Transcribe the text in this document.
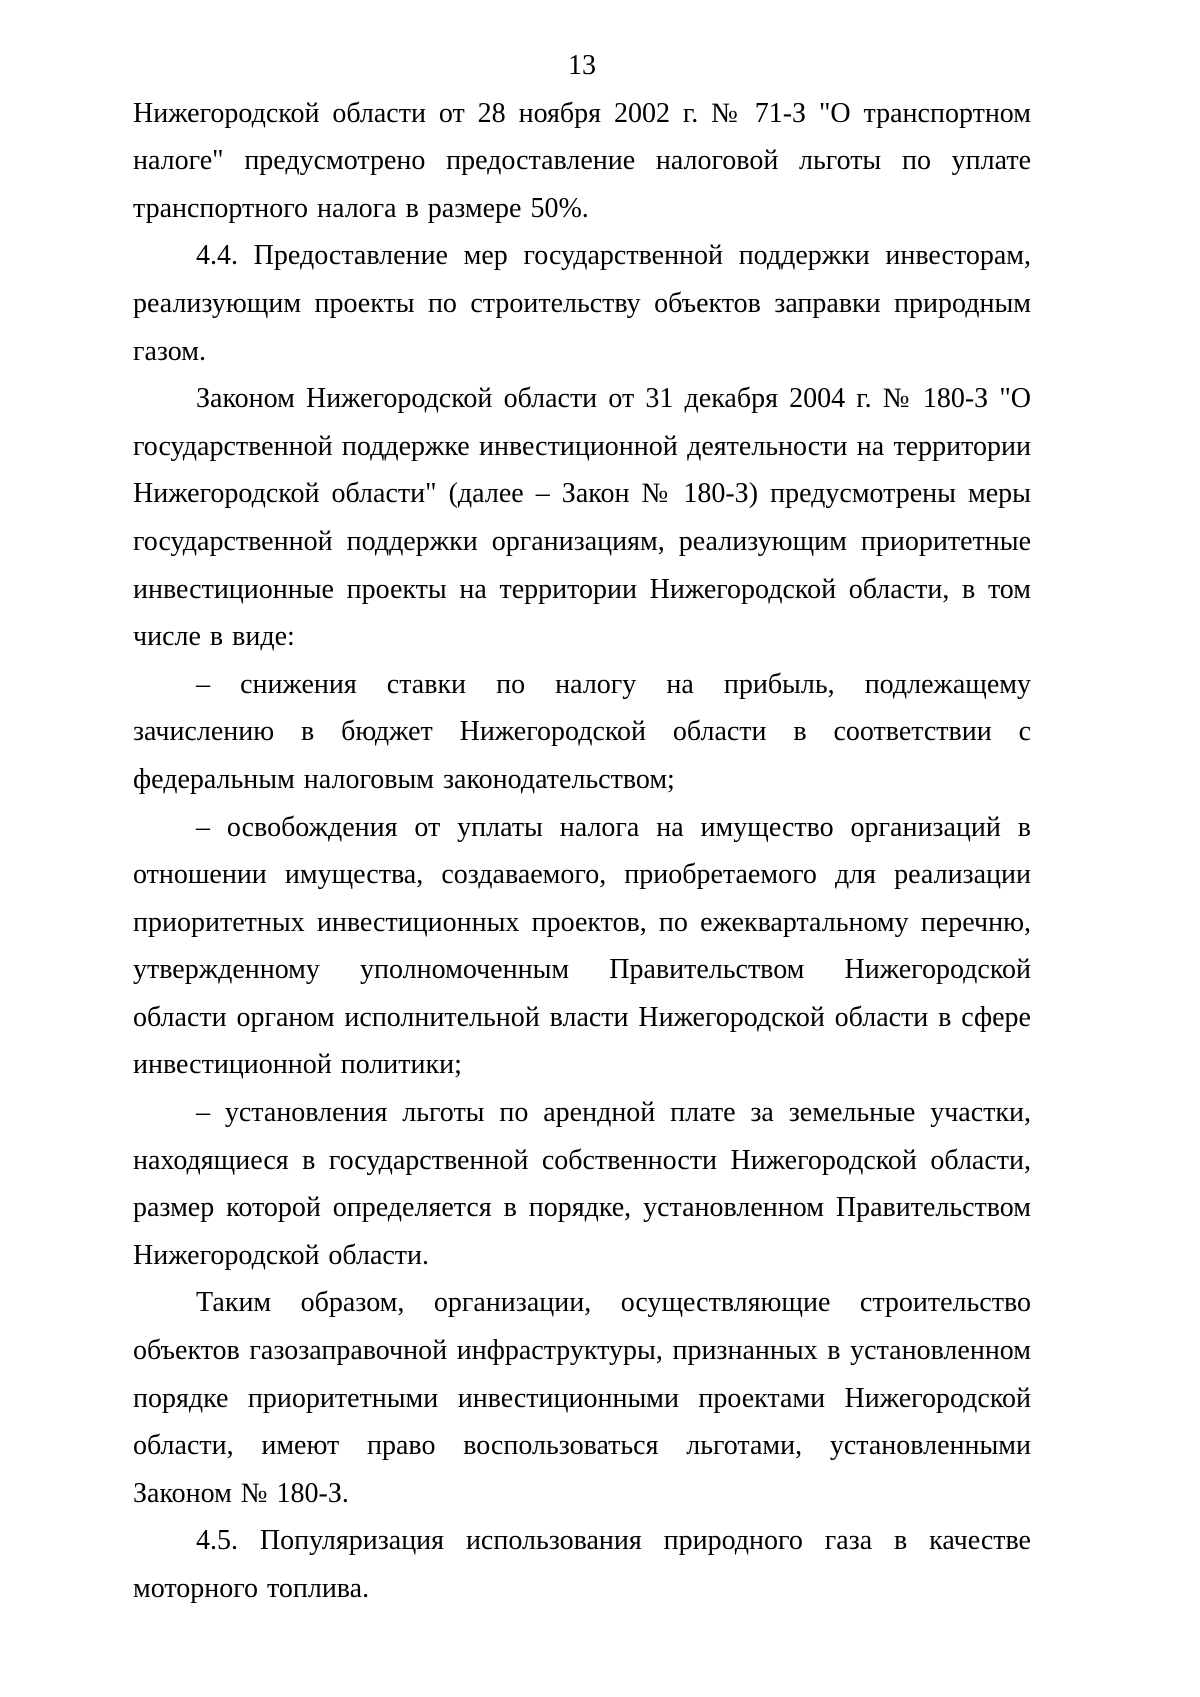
13

Нижегородской области от 28 ноября 2002 г. № 71-З "О транспортном налоге" предусмотрено предоставление налоговой льготы по уплате транспортного налога в размере 50%.

4.4. Предоставление мер государственной поддержки инвесторам, реализующим проекты по строительству объектов заправки природным газом.

Законом Нижегородской области от 31 декабря 2004 г. № 180-З "О государственной поддержке инвестиционной деятельности на территории Нижегородской области" (далее – Закон № 180-З) предусмотрены меры государственной поддержки организациям, реализующим приоритетные инвестиционные проекты на территории Нижегородской области, в том числе в виде:

– снижения ставки по налогу на прибыль, подлежащему зачислению в бюджет Нижегородской области в соответствии с федеральным налоговым законодательством;

– освобождения от уплаты налога на имущество организаций в отношении имущества, создаваемого, приобретаемого для реализации приоритетных инвестиционных проектов, по ежеквартальному перечню, утвержденному уполномоченным Правительством Нижегородской области органом исполнительной власти Нижегородской области в сфере инвестиционной политики;

– установления льготы по арендной плате за земельные участки, находящиеся в государственной собственности Нижегородской области, размер которой определяется в порядке, установленном Правительством Нижегородской области.

Таким образом, организации, осуществляющие строительство объектов газозаправочной инфраструктуры, признанных в установленном порядке приоритетными инвестиционными проектами Нижегородской области, имеют право воспользоваться льготами, установленными Законом № 180-З.

4.5. Популяризация использования природного газа в качестве моторного топлива.
